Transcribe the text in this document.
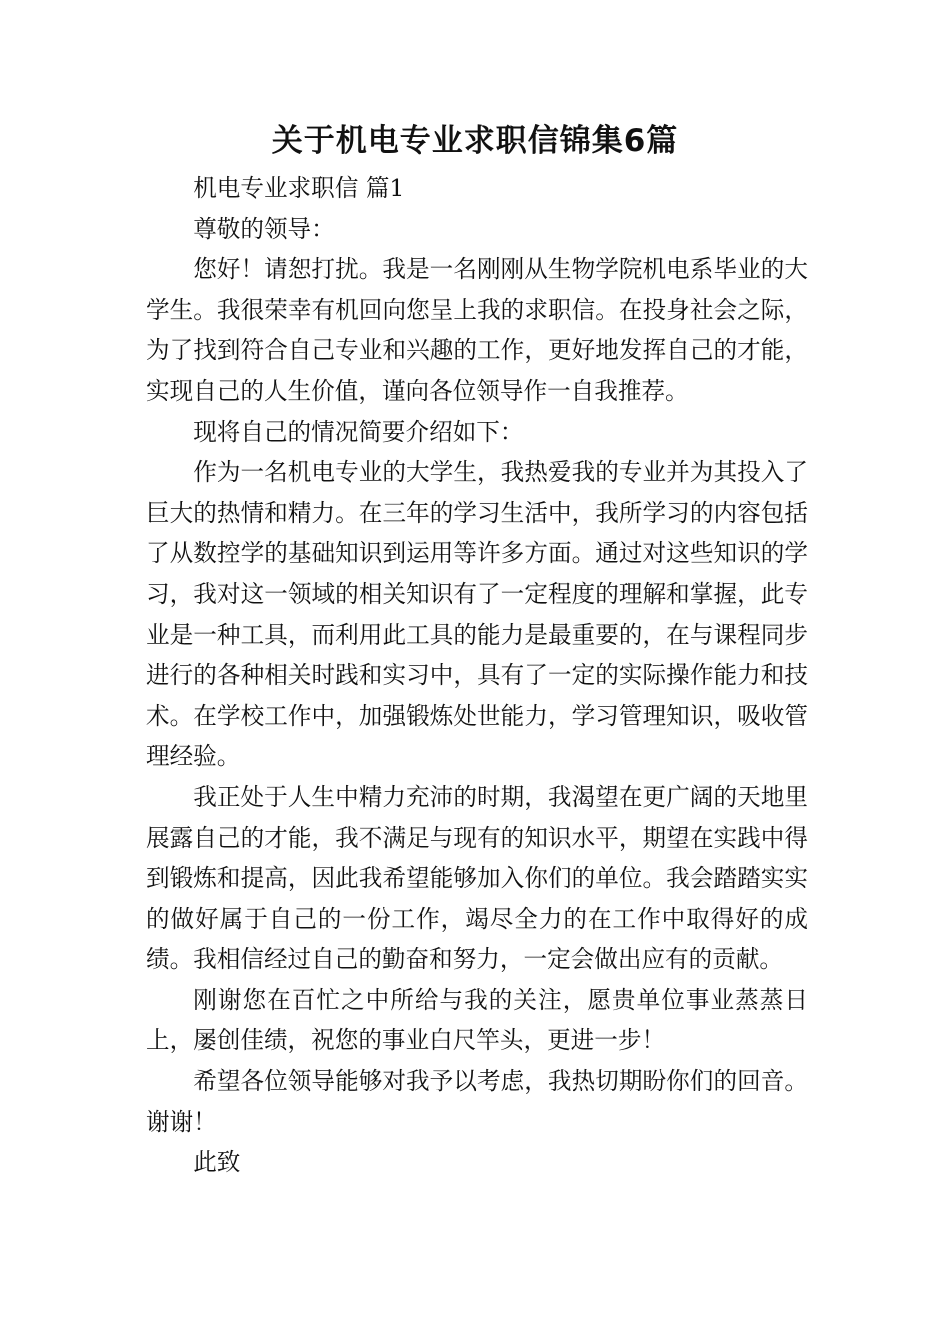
关于机电专业求职信锦集6篇

机电专业求职信 篇1

尊敬的领导：

您好！请恕打扰。我是一名刚刚从生物学院机电系毕业的大学生。我很荣幸有机回向您呈上我的求职信。在投身社会之际，为了找到符合自己专业和兴趣的工作，更好地发挥自己的才能，实现自己的人生价值，谨向各位领导作一自我推荐。

现将自己的情况简要介绍如下：

作为一名机电专业的大学生，我热爱我的专业并为其投入了巨大的热情和精力。在三年的学习生活中，我所学习的内容包括了从数控学的基础知识到运用等许多方面。通过对这些知识的学习，我对这一领域的相关知识有了一定程度的理解和掌握，此专业是一种工具，而利用此工具的能力是最重要的，在与课程同步进行的各种相关时践和实习中，具有了一定的实际操作能力和技术。在学校工作中，加强锻炼处世能力，学习管理知识，吸收管理经验。

我正处于人生中精力充沛的时期，我渴望在更广阔的天地里展露自己的才能，我不满足与现有的知识水平，期望在实践中得到锻炼和提高，因此我希望能够加入你们的单位。我会踏踏实实的做好属于自己的一份工作，竭尽全力的在工作中取得好的成绩。我相信经过自己的勤奋和努力，一定会做出应有的贡献。

刚谢您在百忙之中所给与我的关注，愿贵单位事业蒸蒸日上，屡创佳绩，祝您的事业白尺竿头，更进一步！

希望各位领导能够对我予以考虑，我热切期盼你们的回音。谢谢！

此致
